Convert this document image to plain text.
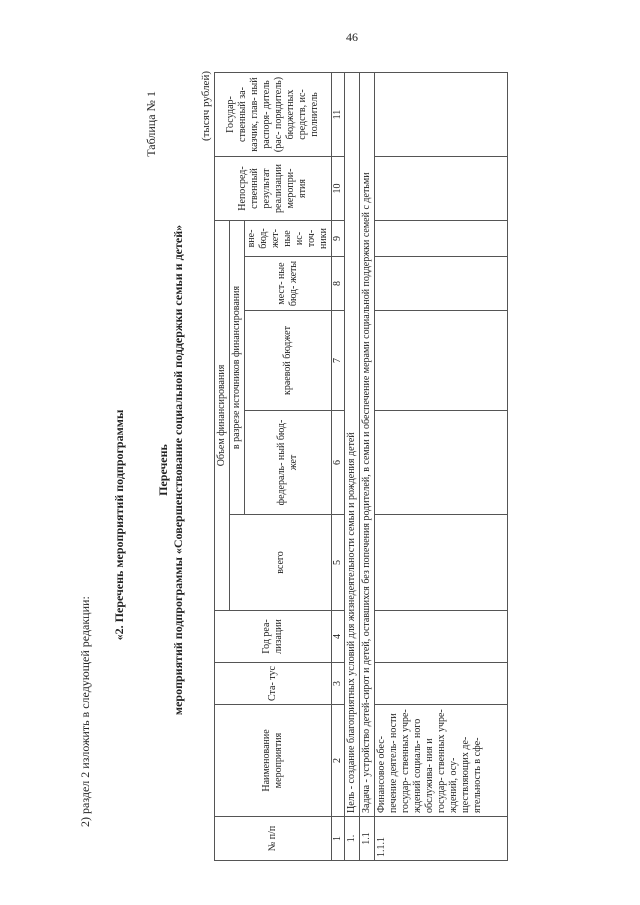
46
2) раздел 2 изложить в следующей редакции:
«2. Перечень мероприятий подпрограммы
Таблица № 1
Перечень мероприятий подпрограммы «Совершенствование социальной поддержки семьи и детей»
(тысяч рублей)
№ п/п	Наименование мероприятия	Ста- тус	Год реа- лизации	Объем финансирования					Непосред- ственный результат реализации меропри- ятия	Государ- ственный за- казчик, глав- ный распоря- дитель (рас- порядитель) бюджетных средств, ис- полнитель
				всего	в разрезе источников финансирования					
					федераль- ный бюд- жет	краевой бюджет	мест- ные бюд- жеты	вне- бюд- жет- ные ис- точ- ники		
1	2	3	4	5	6	7	8	9	10	11
1.	Цель - создание благоприятных условий для жизнедеятельности семьи и рождения детей									
1.1	Задача - устройство детей-сирот и детей, оставшихся без попечения родителей, в семьи и обеспечение мерами социальной поддержки семей с детьми									
1.1.1	Финансовое обес- печение деятель- ности государ- ственных учре- ждений социаль- ного обслужива- ния и государ- ственных учре- ждений, осу- ществляющих де- ятельность в сфе-									
